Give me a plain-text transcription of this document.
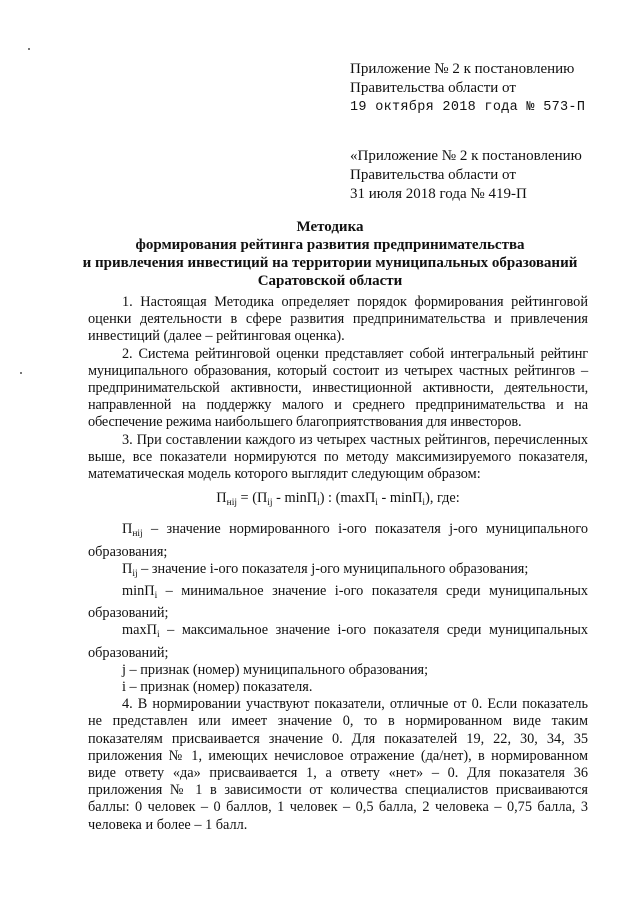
Приложение № 2 к постановлению
Правительства области от
19 октября 2018 года № 573-П
«Приложение № 2 к постановлению
Правительства области от
31 июля 2018 года № 419-П
Методика
формирования рейтинга развития предпринимательства
и привлечения инвестиций на территории муниципальных образований
Саратовской области

1. Настоящая Методика определяет порядок формирования рейтинговой оценки деятельности в сфере развития предпринимательства и привлечения инвестиций (далее – рейтинговая оценка).

2. Система рейтинговой оценки представляет собой интегральный рейтинг муниципального образования, который состоит из четырех частных рейтингов – предпринимательской активности, инвестиционной активности, деятельности, направленной на поддержку малого и среднего предпринимательства и на обеспечение режима наибольшего благоприятствования для инвесторов.

3. При составлении каждого из четырех частных рейтингов, перечисленных выше, все показатели нормируются по методу максимизируемого показателя, математическая модель которого выглядит следующим образом:

$П_{нij} = (П_{ij} - \min П_i)$ : (maxП$_i$ - minП$_i$), где:

$П_{нij}$ – значение нормированного i-ого показателя j-ого муниципального образования;

$П_{ij}$ – значение i-ого показателя j-ого муниципального образования;

minП$_i$ – минимальное значение i-ого показателя среди муниципальных образований;

maxП$_i$ – максимальное значение i-ого показателя среди муниципальных образований;

j – признак (номер) муниципального образования;

i – признак (номер) показателя.

4. В нормировании участвуют показатели, отличные от 0. Если показатель не представлен или имеет значение 0, то в нормированном виде таким показателям присваивается значение 0. Для показателей 19, 22, 30, 34, 35 приложения № 1, имеющих нечисловое отражение (да/нет), в нормированном виде ответу «да» присваивается 1, а ответу «нет» – 0. Для показателя 36 приложения № 1 в зависимости от количества специалистов присваиваются баллы: 0 человек – 0 баллов, 1 человек – 0,5 балла, 2 человека – 0,75 балла, 3 человека и более – 1 балл.
